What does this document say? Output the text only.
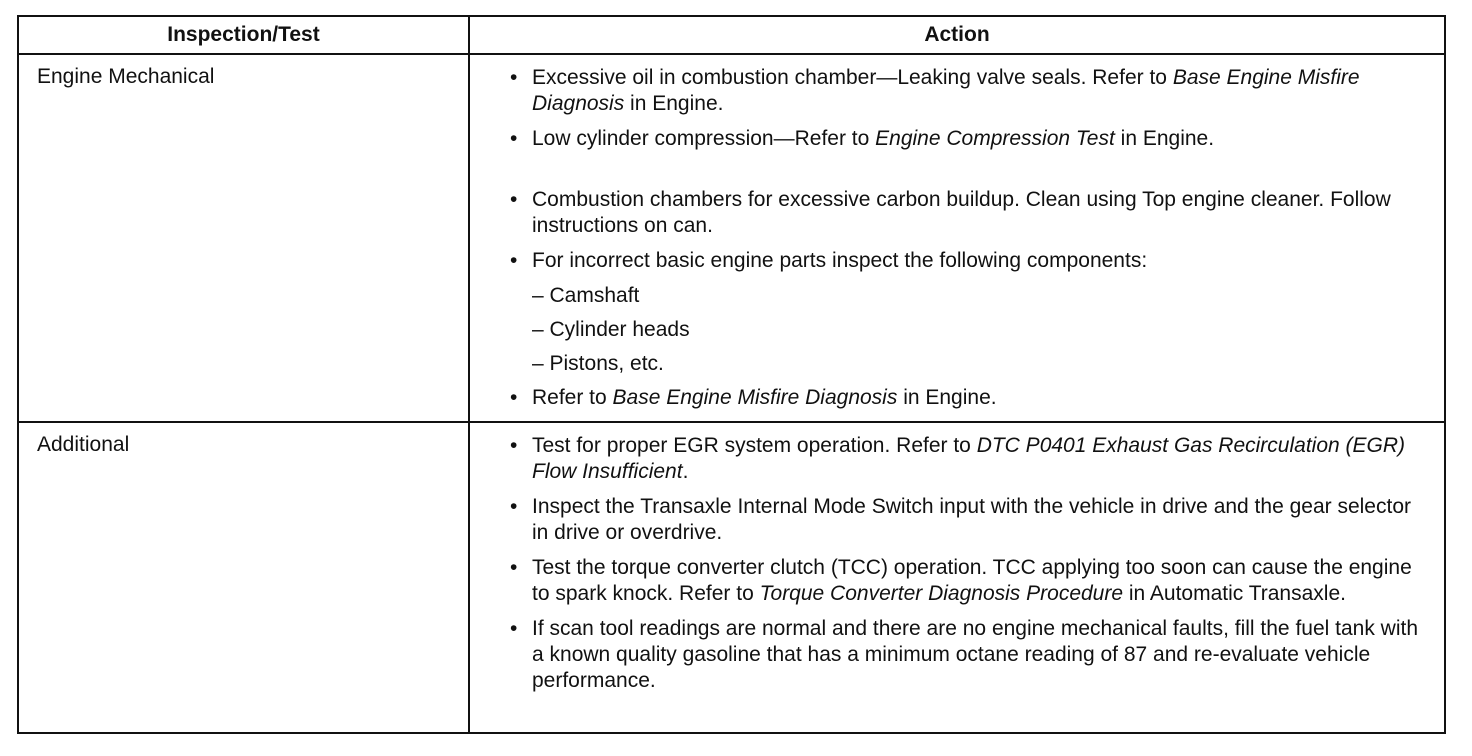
Inspection/Test	Action
Engine Mechanical	• Excessive oil in combustion chamber—Leaking valve seals. Refer to Base Engine Misfire Diagnosis in Engine.
• Low cylinder compression—Refer to Engine Compression Test in Engine.
• Combustion chambers for excessive carbon buildup. Clean using Top engine cleaner. Follow instructions on can.
• For incorrect basic engine parts inspect the following components:
– Camshaft
– Cylinder heads
– Pistons, etc.
• Refer to Base Engine Misfire Diagnosis in Engine.
Additional	• Test for proper EGR system operation. Refer to DTC P0401 Exhaust Gas Recirculation (EGR) Flow Insufficient.
• Inspect the Transaxle Internal Mode Switch input with the vehicle in drive and the gear selector in drive or overdrive.
• Test the torque converter clutch (TCC) operation. TCC applying too soon can cause the engine to spark knock. Refer to Torque Converter Diagnosis Procedure in Automatic Transaxle.
• If scan tool readings are normal and there are no engine mechanical faults, fill the fuel tank with a known quality gasoline that has a minimum octane reading of 87 and re-evaluate vehicle performance.
